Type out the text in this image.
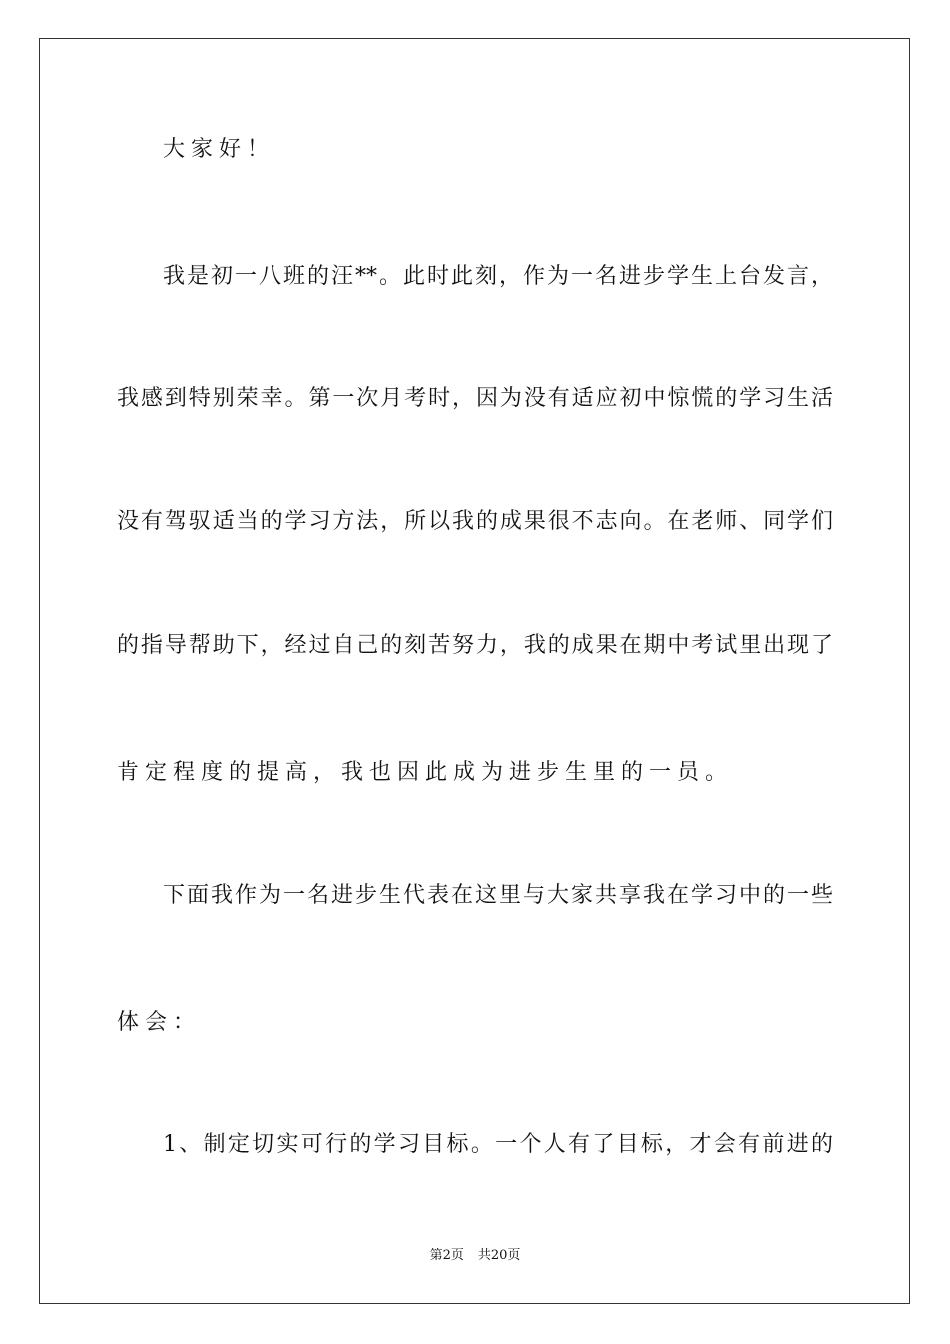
大家好！
我是初一八班的汪**。此时此刻，作为一名进步学生上台发言，
我感到特别荣幸。第一次月考时，因为没有适应初中惊慌的学习生活
没有驾驭适当的学习方法，所以我的成果很不志向。在老师、同学们
的指导帮助下，经过自己的刻苦努力，我的成果在期中考试里出现了
肯定程度的提高，我也因此成为进步生里的一员。
下面我作为一名进步生代表在这里与大家共享我在学习中的一些
体会：
1、制定切实可行的学习目标。一个人有了目标，才会有前进的
第2页 共20页
